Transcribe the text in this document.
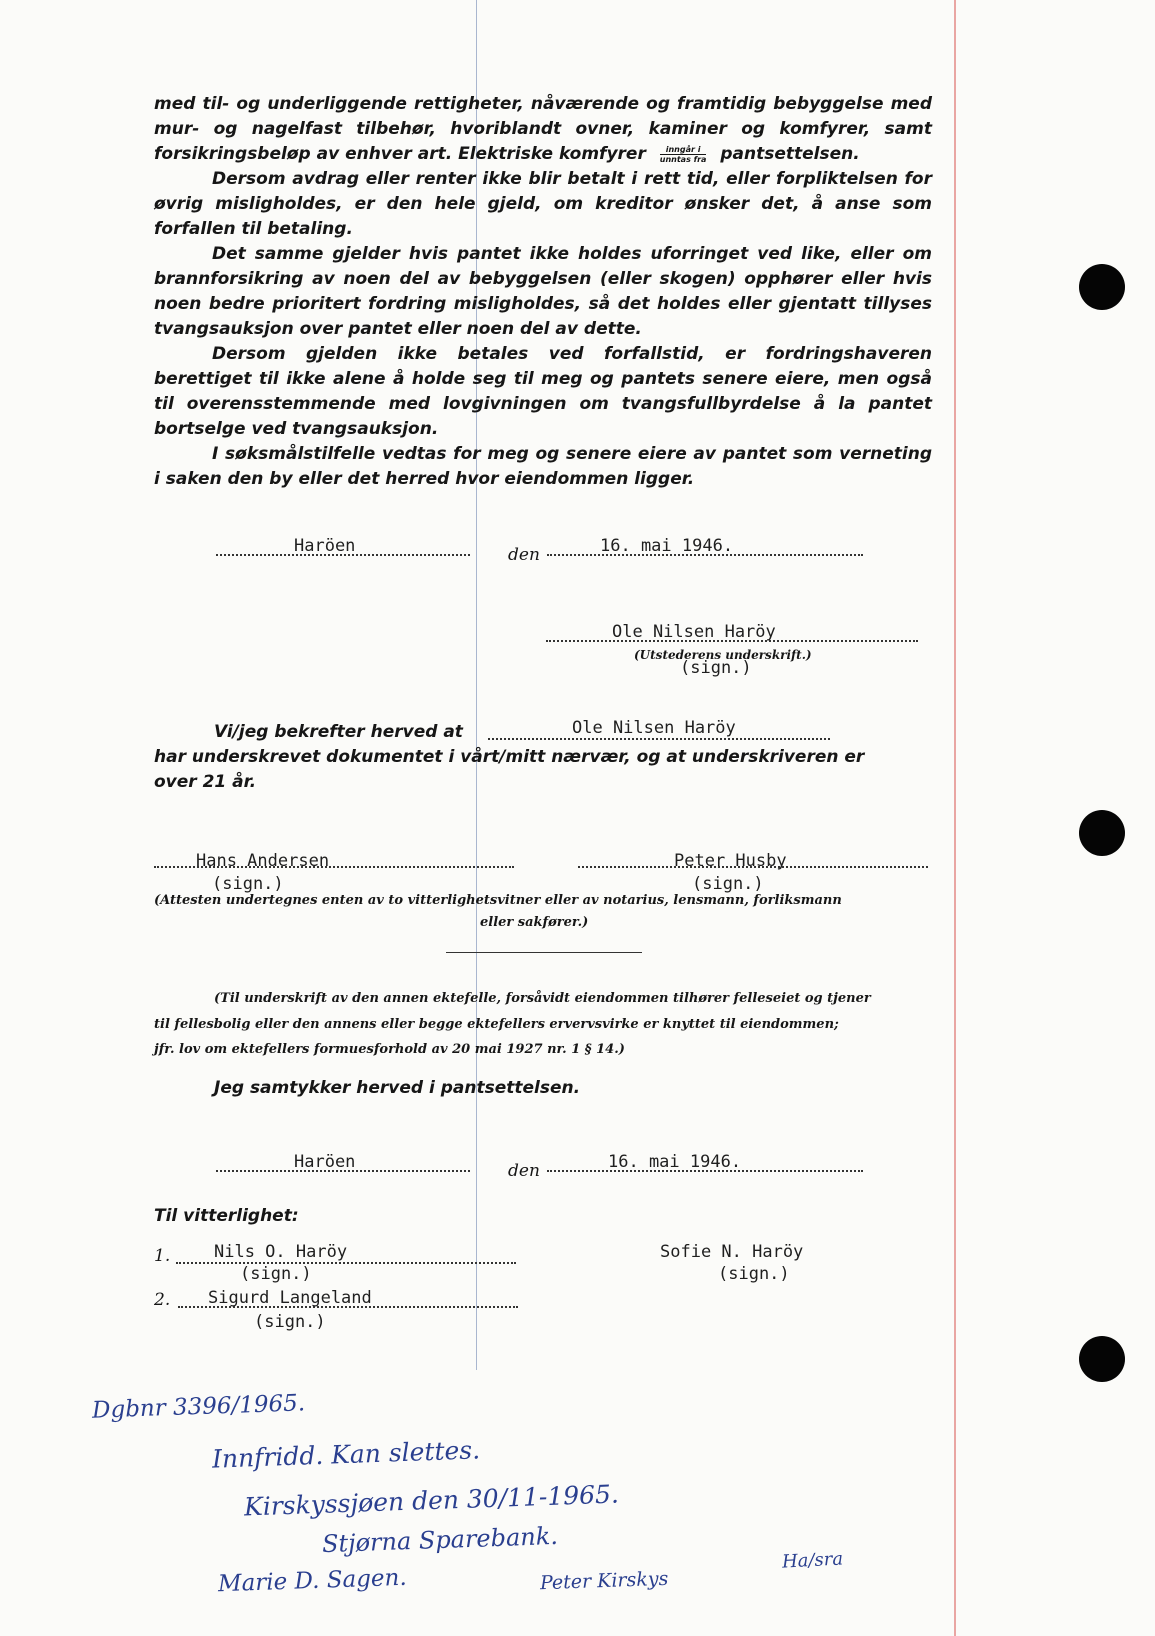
med til- og underliggende rettigheter, nåværende og framtidig bebyggelse med mur- og nagelfast tilbehør, hvoriblandt ovner, kaminer og komfyrer, samt forsikringsbeløp av enhver art. Elektriske komfyrer $\frac{\text{inngår i}}{\text{unntas fra}}$ pantsettelsen.

Dersom avdrag eller renter ikke blir betalt i rett tid, eller forpliktelsen for øvrig misligholdes, er den hele gjeld, om kreditor ønsker det, å anse som forfallen til betaling.

Det samme gjelder hvis pantet ikke holdes uforringet ved like, eller om brannforsikring av noen del av bebyggelsen (eller skogen) opphører eller hvis noen bedre prioritert fordring misligholdes, så det holdes eller gjentatt tillyses tvangsauksjon over pantet eller noen del av dette.

Dersom gjelden ikke betales ved forfallstid, er fordringshaveren berettiget til ikke alene å holde seg til meg og pantets senere eiere, men også til overensstemmende med lovgivningen om tvangsfullbyrdelse å la pantet bortselge ved tvangsauksjon.

I søksmålstilfelle vedtas for meg og senere eiere av pantet som verneting i saken den by eller det herred hvor eiendommen ligger.

Haröen	den	16. mai 1946.
Ole Nilsen Haröy
(Utstederens underskrift.)
(sign.)
Vi/jeg bekrefter herved at	Ole Nilsen Haröy
har underskrevet dokumentet i vårt/mitt nærvær, og at underskriveren er
over 21 år.
Hans Andersen
(sign.)
Peter Husby
(sign.)
(Attesten undertegnes enten av to vitterlighetsvitner eller av notarius, lensmann, forliksmann
eller sakfører.)
(Til underskrift av den annen ektefelle, forsåvidt eiendommen tilhører felleseiet og tjener
til fellesbolig eller den annens eller begge ektefellers ervervsvirke er knyttet til eiendommen;
jfr. lov om ektefellers formuesforhold av 20 mai 1927 nr. 1 § 14.)
Jeg samtykker herved i pantsettelsen.
Haröen	den	16. mai 1946.
Til vitterlighet:
1.	Nils O. Haröy
(sign.)
Sofie N. Haröy
(sign.)
2. Sigurd Langeland
(sign.)
Dgbnr 3396/1965.
Innfridd. Kan slettes.
Kirskyssjøen den 30/11-1965.
Stjørna Sparebank.
Marie D. Sagen.	Peter Kirskys
Ha/sra
